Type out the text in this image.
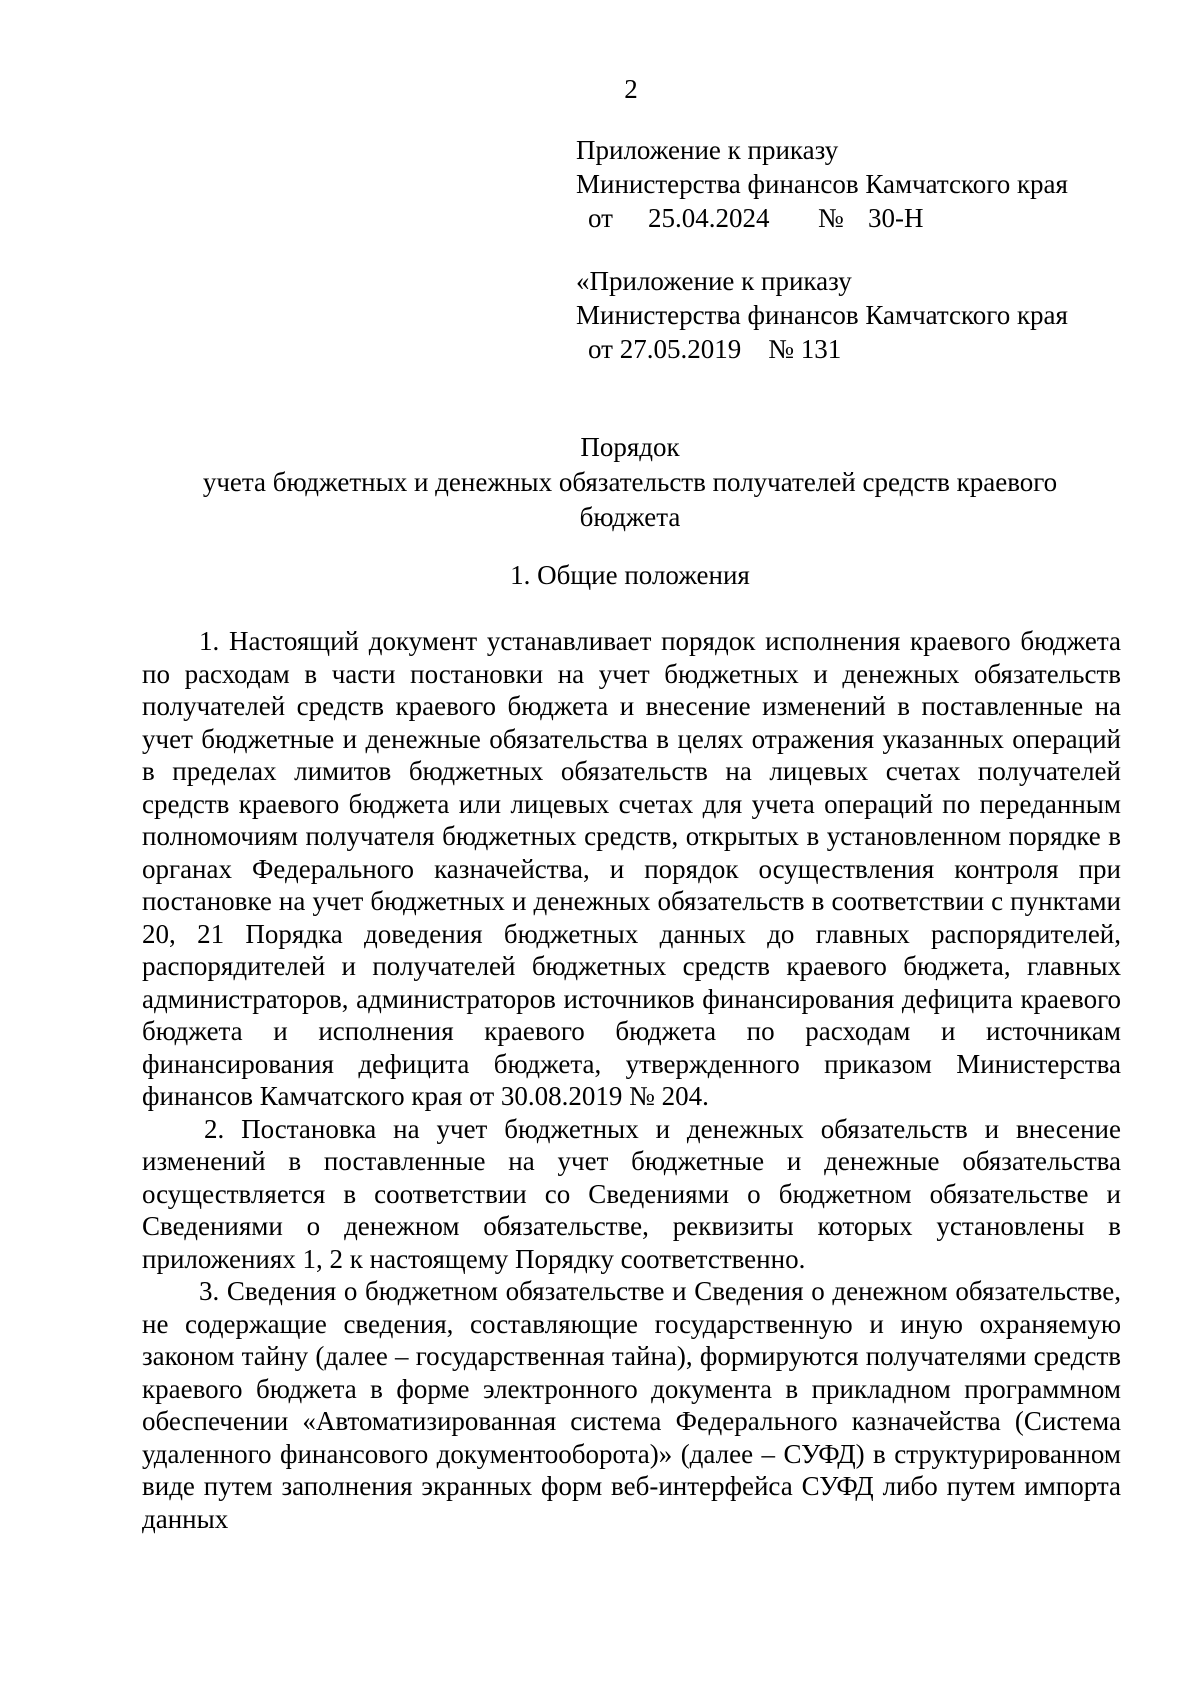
2
Приложение к приказу
Министерства финансов Камчатского края
от 25.04.2024 № 30-Н
«Приложение к приказу
Министерства финансов Камчатского края
от 27.05.2019    № 131
Порядок
учета бюджетных и денежных обязательств получателей средств краевого бюджета
1. Общие положения

1. Настоящий документ устанавливает порядок исполнения краевого бюджета по расходам в части постановки на учет бюджетных и денежных обязательств получателей средств краевого бюджета и внесение изменений в поставленные на учет бюджетные и денежные обязательства в целях отражения указанных операций в пределах лимитов бюджетных обязательств на лицевых счетах получателей средств краевого бюджета или лицевых счетах для учета операций по переданным полномочиям получателя бюджетных средств, открытых в установленном порядке в органах Федерального казначейства, и порядок осуществления контроля при постановке на учет бюджетных и денежных обязательств в соответствии с пунктами 20, 21 Порядка доведения бюджетных данных до главных распорядителей, распорядителей и получателей бюджетных средств краевого бюджета, главных администраторов, администраторов источников финансирования дефицита краевого бюджета и исполнения краевого бюджета по расходам и источникам финансирования дефицита бюджета, утвержденного приказом Министерства финансов Камчатского края от 30.08.2019 № 204.

2. Постановка на учет бюджетных и денежных обязательств и внесение изменений в поставленные на учет бюджетные и денежные обязательства осуществляется в соответствии со Сведениями о бюджетном обязательстве и Сведениями о денежном обязательстве, реквизиты которых установлены в приложениях 1, 2 к настоящему Порядку соответственно.

3. Сведения о бюджетном обязательстве и Сведения о денежном обязательстве, не содержащие сведения, составляющие государственную и иную охраняемую законом тайну (далее – государственная тайна), формируются получателями средств краевого бюджета в форме электронного документа в прикладном программном обеспечении «Автоматизированная система Федерального казначейства (Система удаленного финансового документооборота)» (далее – СУФД) в структурированном виде путем заполнения экранных форм веб-интерфейса СУФД либо путем импорта данных
